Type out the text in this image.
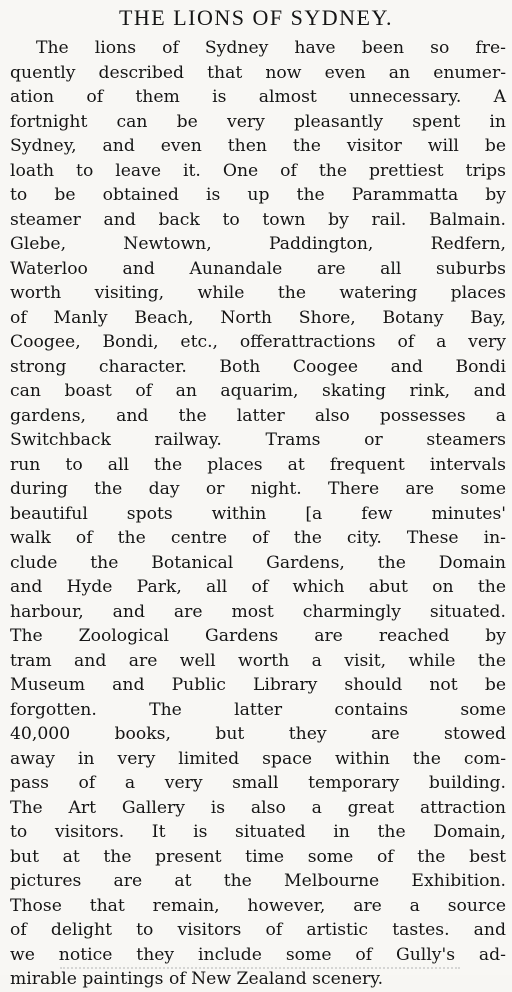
THE LIONS OF SYDNEY.
The lions of Sydney have been so fre-
quently described that now even an enumer-
ation of them is almost unnecessary. A
fortnight can be very pleasantly spent in
Sydney, and even then the visitor will be
loath to leave it. One of the prettiest trips
to be obtained is up the Parammatta by
steamer and back to town by rail. Balmain.
Glebe, Newtown, Paddington, Redfern,
Waterloo and Aunandale are all suburbs
worth visiting, while the watering places
of Manly Beach, North Shore, Botany Bay,
Coogee, Bondi, etc., offerattractions of a very
strong character. Both Coogee and Bondi
can boast of an aquarim, skating rink, and
gardens, and the latter also possesses a
Switchback railway. Trams or steamers
run to all the places at frequent intervals
during the day or night. There are some
beautiful spots within [a few minutes'
walk of the centre of the city. These in-
clude the Botanical Gardens, the Domain
and Hyde Park, all of which abut on the
harbour, and are most charmingly situated.
The Zoological Gardens are reached by
tram and are well worth a visit, while the
Museum and Public Library should not be
forgotten. The latter contains some
40,000 books, but they are stowed
away in very limited space within the com-
pass of a very small temporary building.
The Art Gallery is also a great attraction
to visitors. It is situated in the Domain,
but at the present time some of the best
pictures are at the Melbourne Exhibition.
Those that remain, however, are a source
of delight to visitors of artistic tastes. and
we notice they include some of Gully's ad-
mirable paintings of New Zealand scenery.
